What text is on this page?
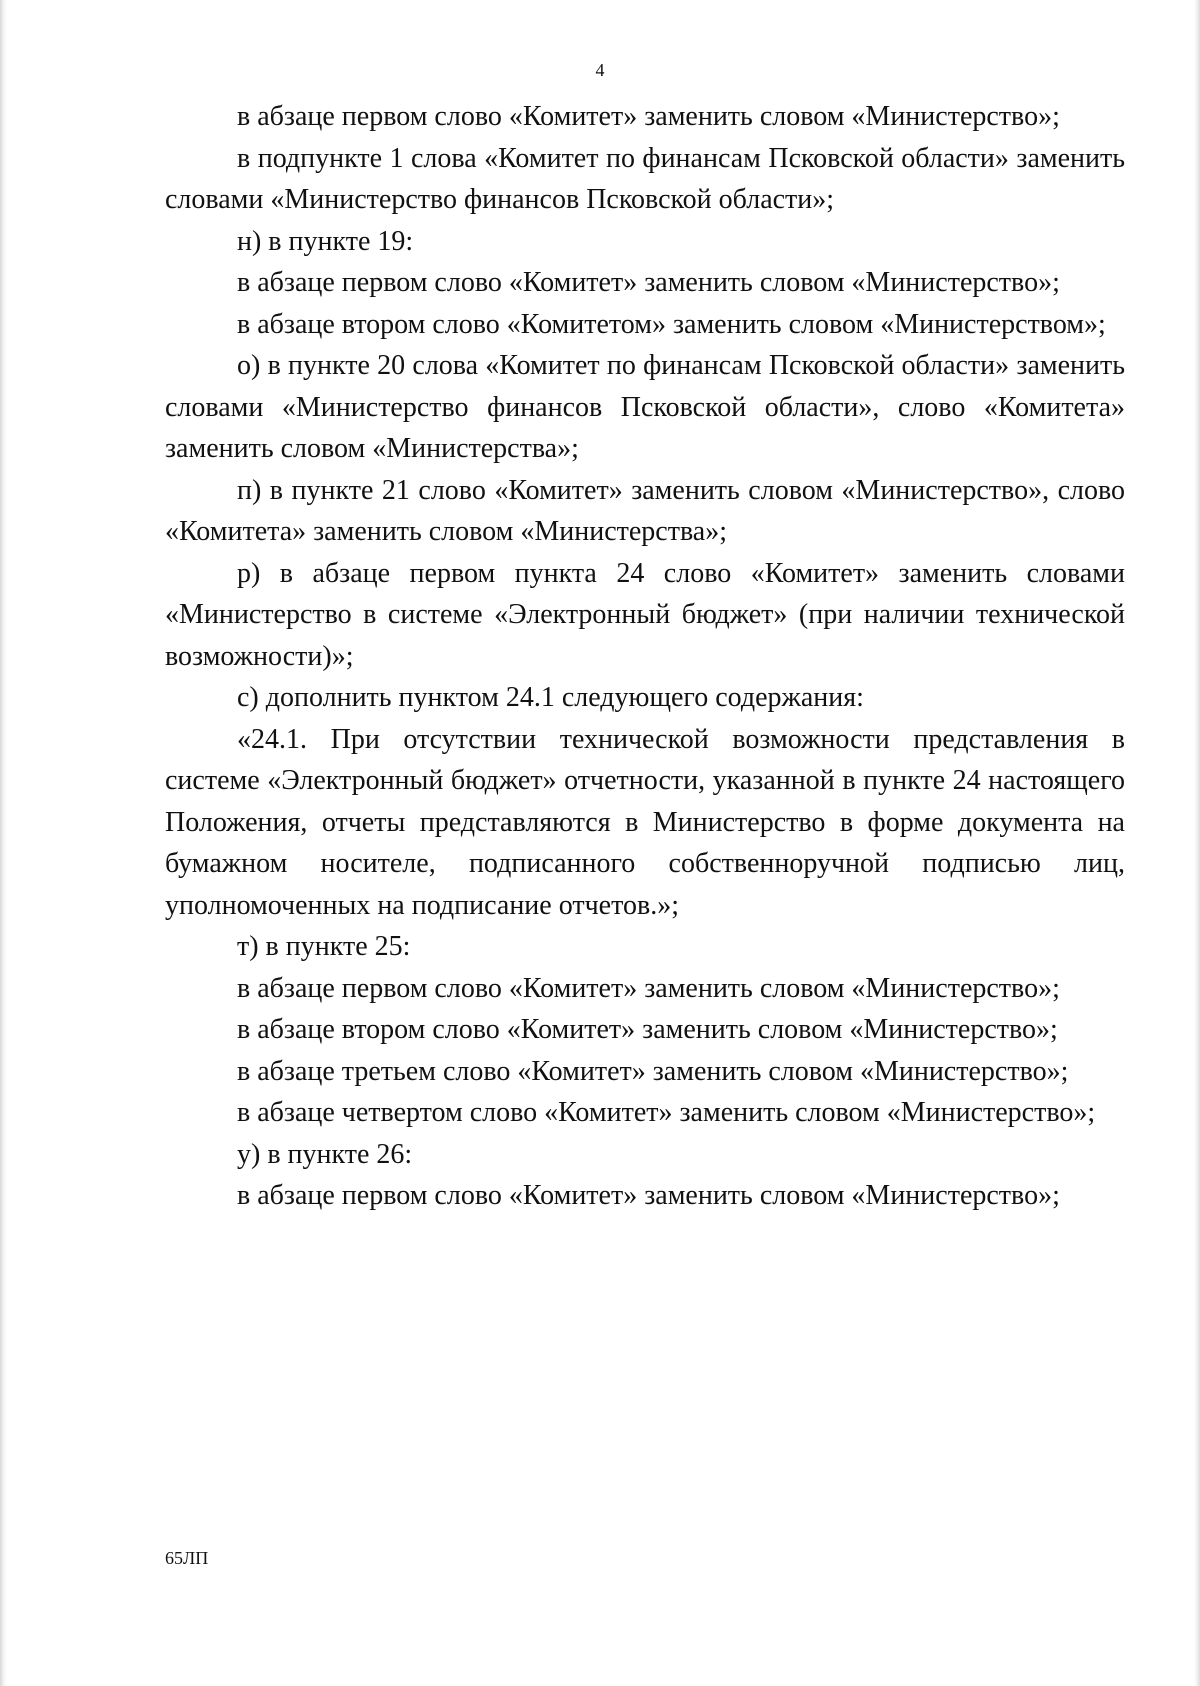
4

в абзаце первом слово «Комитет» заменить словом «Министерство»;

в подпункте 1 слова «Комитет по финансам Псковской области» заменить словами «Министерство финансов Псковской области»;

н) в пункте 19:

в абзаце первом слово «Комитет» заменить словом «Министерство»;

в абзаце втором слово «Комитетом» заменить словом «Министерством»;

о) в пункте 20 слова «Комитет по финансам Псковской области» заменить словами «Министерство финансов Псковской области», слово «Комитета» заменить словом «Министерства»;

п) в пункте 21 слово «Комитет» заменить словом «Министерство», слово «Комитета» заменить словом «Министерства»;

р) в абзаце первом пункта 24 слово «Комитет» заменить словами «Министерство в системе «Электронный бюджет» (при наличии технической возможности)»;

с) дополнить пунктом 24.1 следующего содержания:

«24.1. При отсутствии технической возможности представления в системе «Электронный бюджет» отчетности, указанной в пункте 24 настоящего Положения, отчеты представляются в Министерство в форме документа на бумажном носителе, подписанного собственноручной подписью лиц, уполномоченных на подписание отчетов.»;

т) в пункте 25:

в абзаце первом слово «Комитет» заменить словом «Министерство»;

в абзаце втором слово «Комитет» заменить словом «Министерство»;

в абзаце третьем слово «Комитет» заменить словом «Министерство»;

в абзаце четвертом слово «Комитет» заменить словом «Министерство»;

у) в пункте 26:

в абзаце первом слово «Комитет» заменить словом «Министерство»;

65ЛП
